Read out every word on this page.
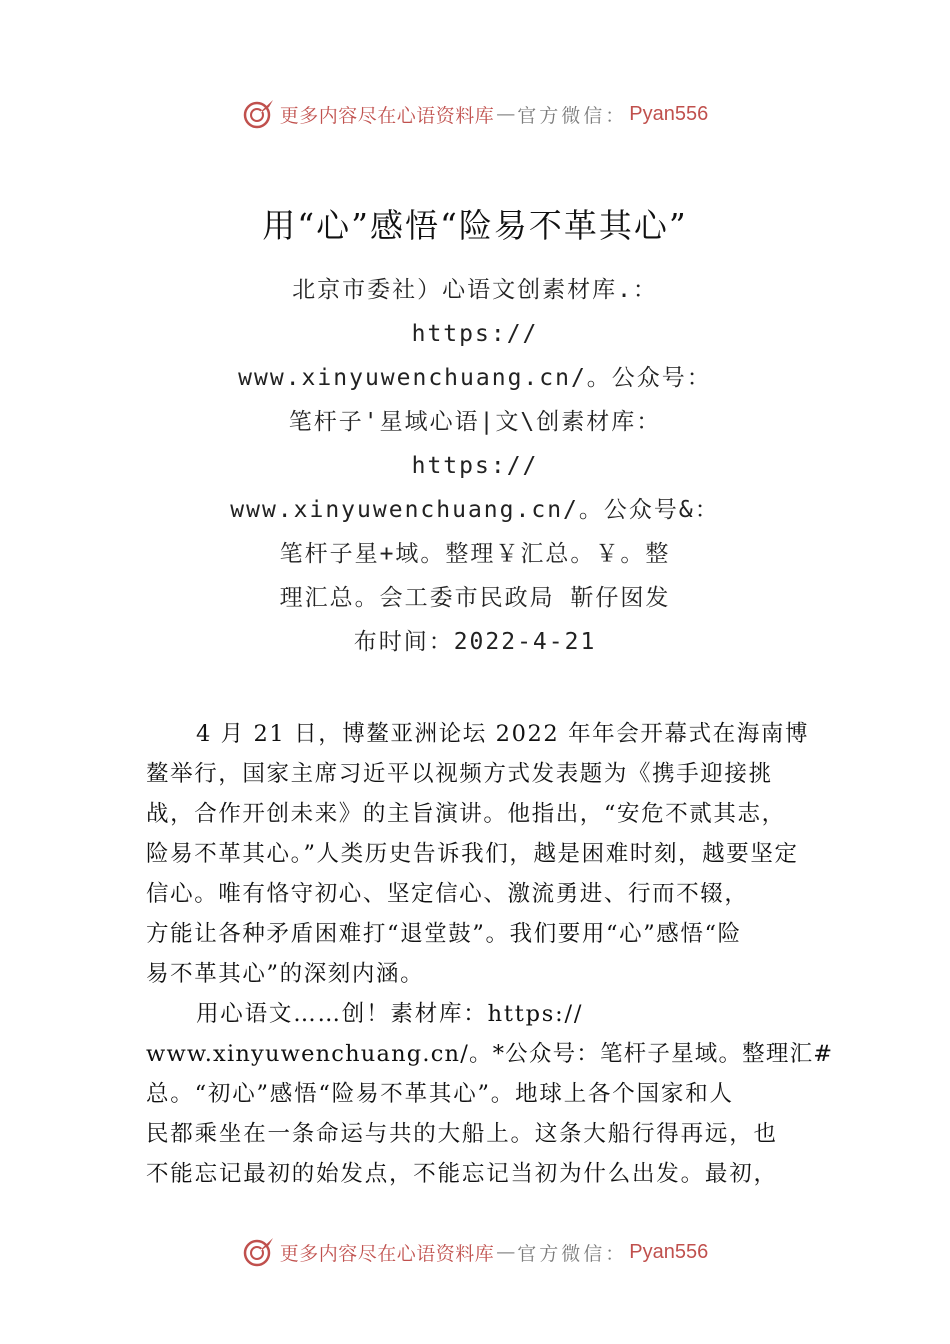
更多内容尽在心语资料库 — 官方微信： Pyan556
用“心”感悟“险易不革其心”
北京市委社）心语文创素材库.：
https://
www.xinyuwenchuang.cn/。公众号：
笔杆子'星域心语|文\创素材库：
https://
www.xinyuwenchuang.cn/。公众号&：
笔杆子星+域。整理￥汇总。￥。整
理汇总。会工委市民政局 靳仔囡发
布时间：2022-4-21
4 月 21 日，博鳌亚洲论坛 2022 年年会开幕式在海南博
鳌举行，国家主席习近平以视频方式发表题为《携手迎接挑
战，合作开创未来》的主旨演讲。他指出，“安危不贰其志，
险易不革其心。”人类历史告诉我们，越是困难时刻，越要坚定
信心。唯有恪守初心、坚定信心、激流勇进、行而不辍，
方能让各种矛盾困难打“退堂鼓”。我们要用“心”感悟“险
易不革其心”的深刻内涵。
用心语文……创！素材库：https://
www.xinyuwenchuang.cn/。*公众号：笔杆子星域。整理汇#
总。“初心”感悟“险易不革其心”。地球上各个国家和人
民都乘坐在一条命运与共的大船上。这条大船行得再远，也
不能忘记最初的始发点，不能忘记当初为什么出发。最初，
更多内容尽在心语资料库 — 官方微信： Pyan556
